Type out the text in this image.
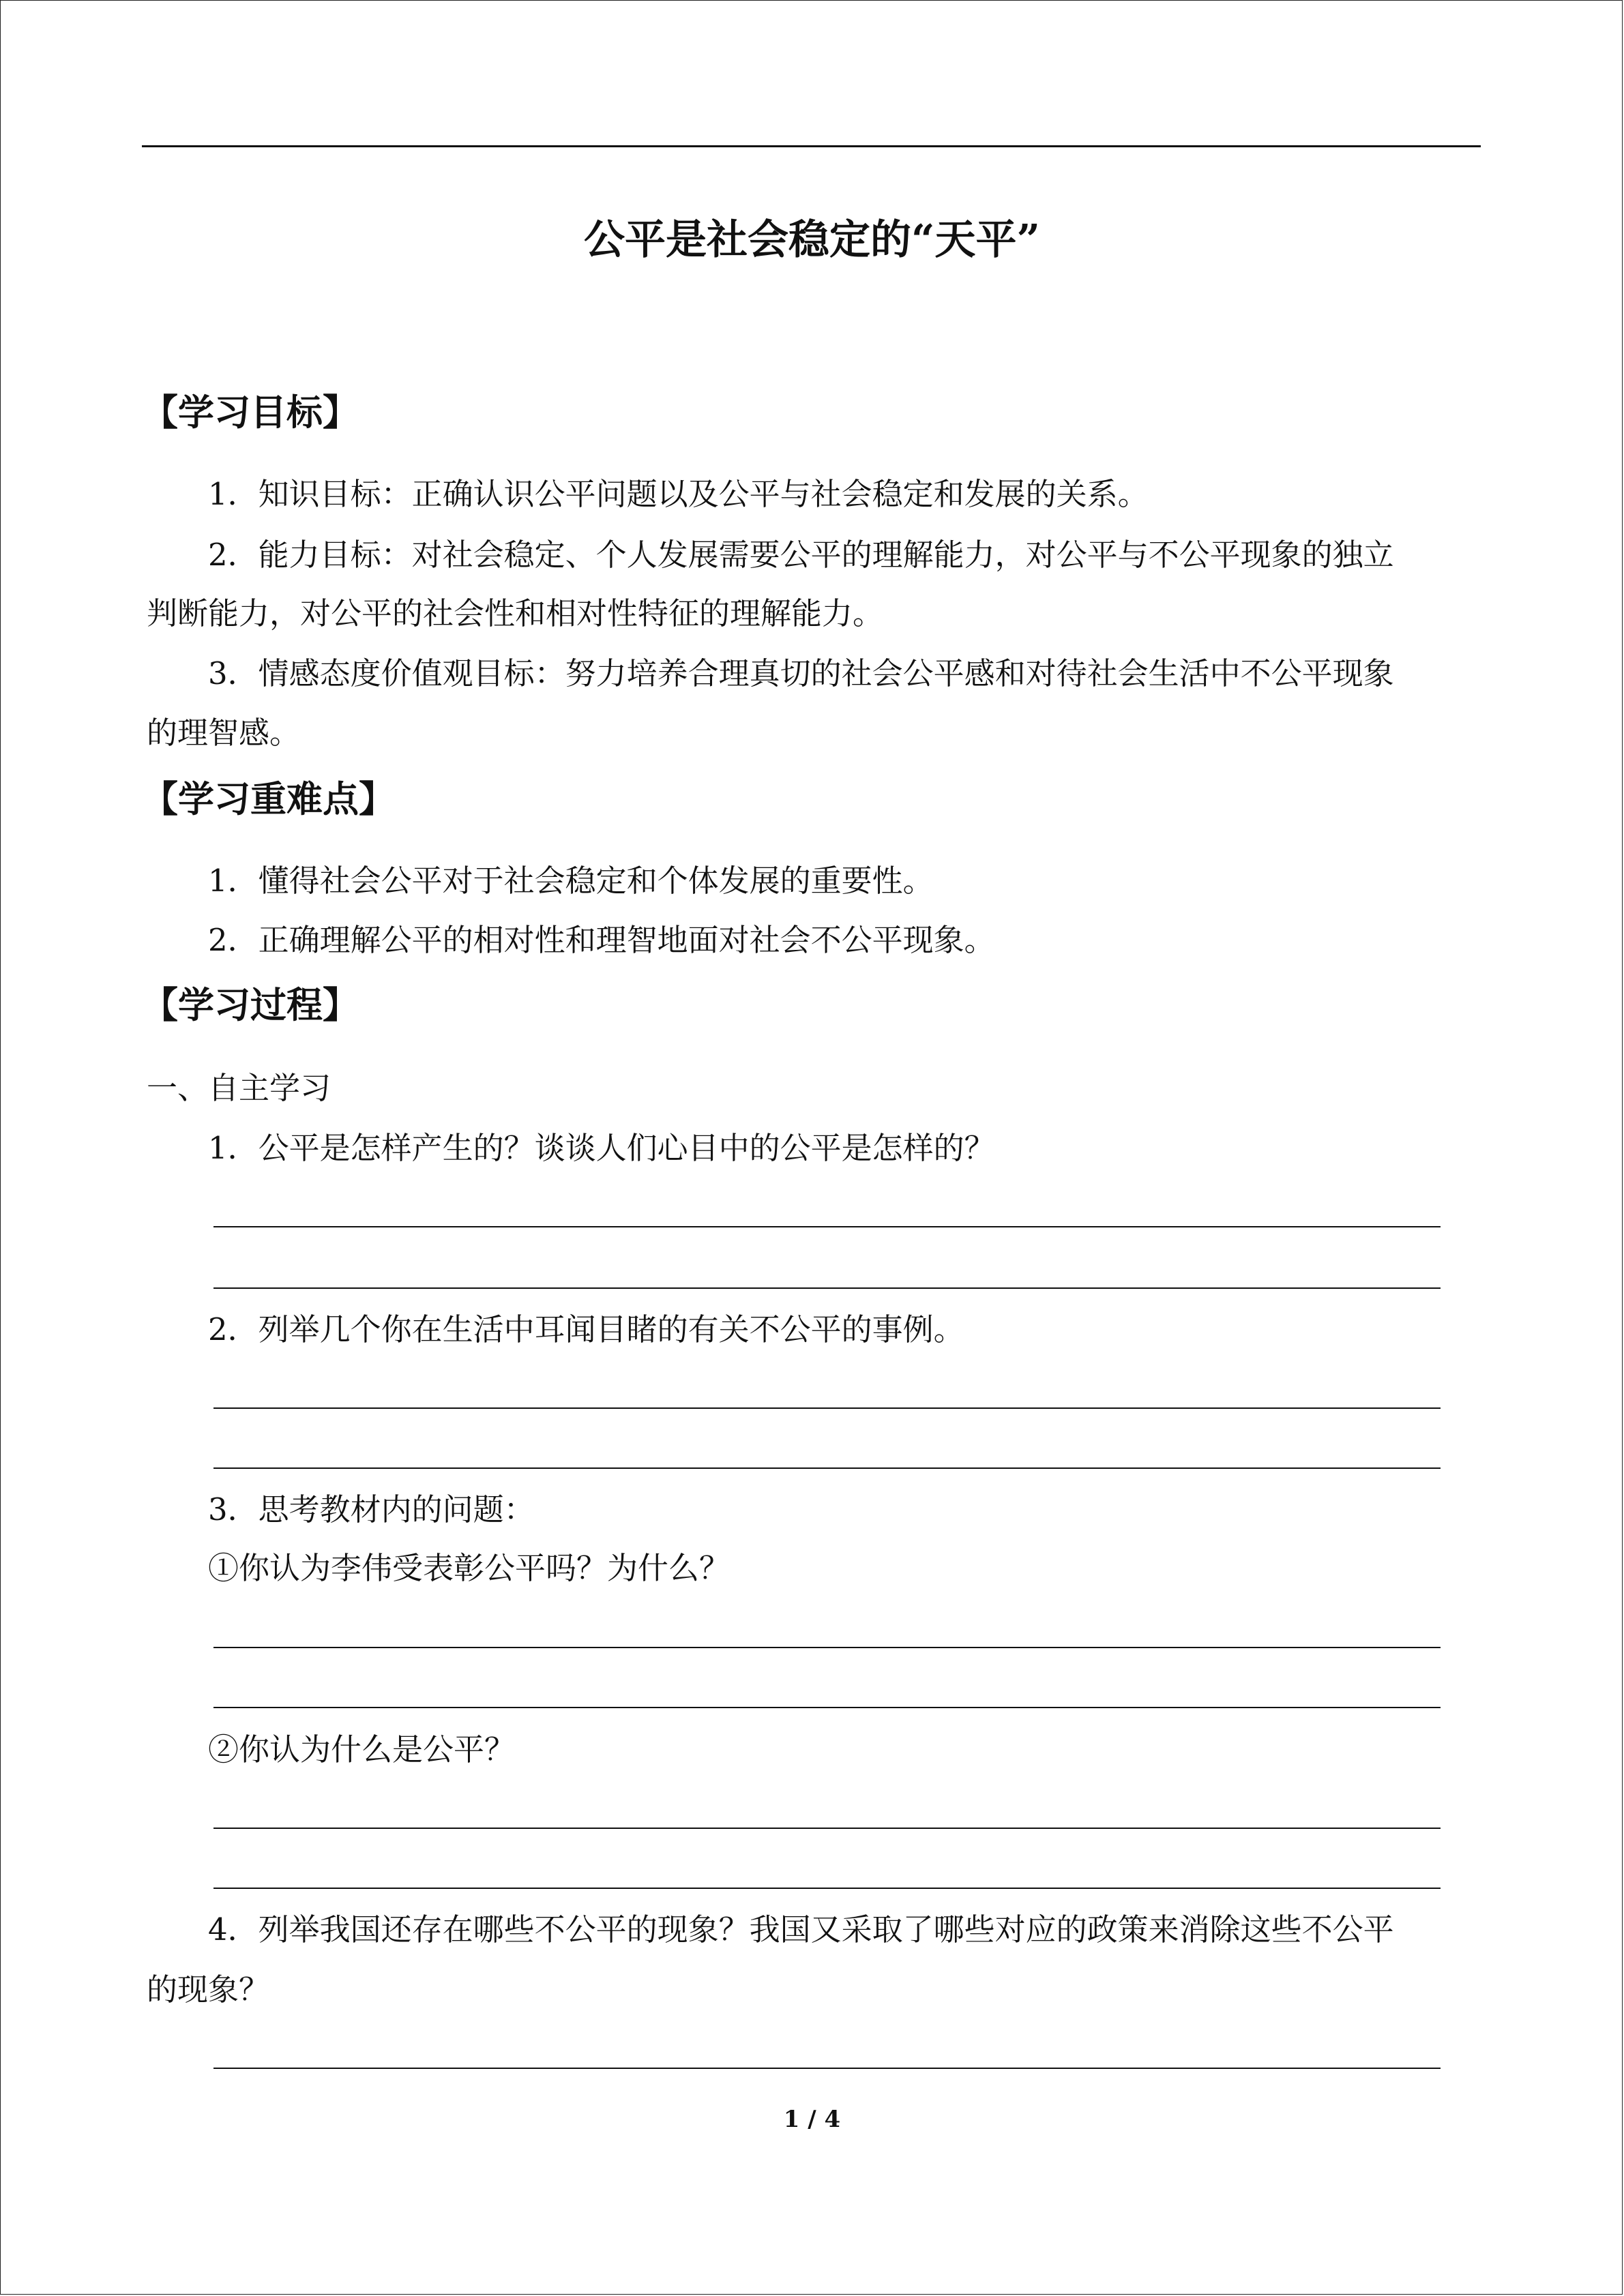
公平是社会稳定的“天平”
【学习目标】
1．知识目标：正确认识公平问题以及公平与社会稳定和发展的关系。
2．能力目标：对社会稳定、个人发展需要公平的理解能力，对公平与不公平现象的独立
判断能力，对公平的社会性和相对性特征的理解能力。
3．情感态度价值观目标：努力培养合理真切的社会公平感和对待社会生活中不公平现象
的理智感。
【学习重难点】
1．懂得社会公平对于社会稳定和个体发展的重要性。
2．正确理解公平的相对性和理智地面对社会不公平现象。
【学习过程】
一、自主学习
1．公平是怎样产生的？谈谈人们心目中的公平是怎样的？
2．列举几个你在生活中耳闻目睹的有关不公平的事例。
3．思考教材内的问题：
①你认为李伟受表彰公平吗？为什么？
②你认为什么是公平？
4．列举我国还存在哪些不公平的现象？我国又采取了哪些对应的政策来消除这些不公平
的现象？
1 / 4
